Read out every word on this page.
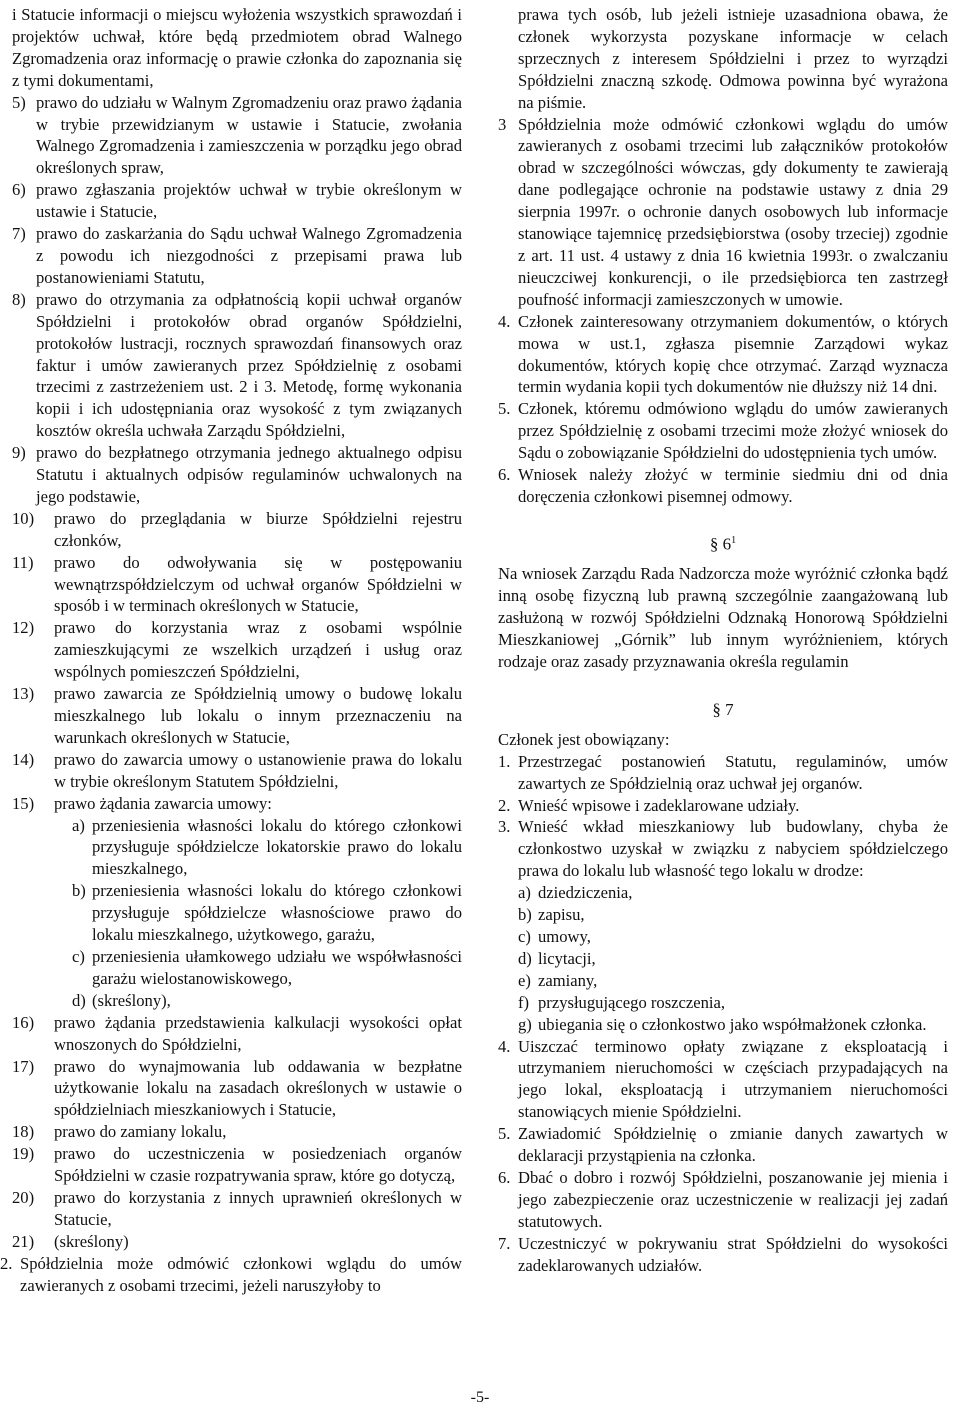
i Statucie informacji o miejscu wyłożenia wszystkich sprawozdań i projektów uchwał, które będą przedmiotem obrad Walnego Zgromadzenia oraz informację o prawie członka do zapoznania się z tymi dokumentami,

5) prawo do udziału w Walnym Zgromadzeniu oraz prawo żądania w trybie przewidzianym w ustawie i Statucie, zwołania Walnego Zgromadzenia i zamieszczenia w porządku jego obrad określonych spraw,
6) prawo zgłaszania projektów uchwał w trybie określonym w ustawie i Statucie,
7) prawo do zaskarżania do Sądu uchwał Walnego Zgromadzenia z powodu ich niezgodności z przepisami prawa lub postanowieniami Statutu,
8) prawo do otrzymania za odpłatnością kopii uchwał organów Spółdzielni i protokołów obrad organów Spółdzielni, protokołów lustracji, rocznych sprawozdań finansowych oraz faktur i umów zawieranych przez Spółdzielnię z osobami trzecimi z zastrzeżeniem ust. 2 i 3. Metodę, formę wykonania kopii i ich udostępniania oraz wysokość z tym związanych kosztów określa uchwała Zarządu Spółdzielni,
9) prawo do bezpłatnego otrzymania jednego aktualnego odpisu Statutu i aktualnych odpisów regulaminów uchwalonych na jego podstawie,
10)	prawo do przeglądania w biurze Spółdzielni rejestru członków,
11)	prawo do odwoływania się w postępowaniu wewnątrzspółdzielczym od uchwał organów Spółdzielni w sposób i w terminach określonych w Statucie,
12)	prawo do korzystania wraz z osobami wspólnie zamieszkującymi ze wszelkich urządzeń i usług oraz wspólnych pomieszczeń Spółdzielni,
13)	prawo zawarcia ze Spółdzielnią umowy o budowę lokalu mieszkalnego lub lokalu o innym przeznaczeniu na warunkach określonych w Statucie,
14)	prawo do zawarcia umowy o ustanowienie prawa do lokalu w trybie określonym Statutem Spółdzielni,
15)	prawo żądania zawarcia umowy:
a) przeniesienia własności lokalu do którego członkowi przysługuje spółdzielcze lokatorskie prawo do lokalu mieszkalnego,
b) przeniesienia własności lokalu do którego członkowi przysługuje spółdzielcze własnościowe prawo do lokalu mieszkalnego, użytkowego, garażu,
c) przeniesienia ułamkowego udziału we współwłasności garażu wielostanowiskowego,
d) (skreślony),
16)	prawo żądania przedstawienia kalkulacji wysokości opłat wnoszonych do Spółdzielni,
17)	prawo do wynajmowania lub oddawania w bezpłatne użytkowanie lokalu na zasadach określonych w ustawie o spółdzielniach mieszkaniowych i Statucie,
18)	prawo do zamiany lokalu,
19)	prawo do uczestniczenia w posiedzeniach organów Spółdzielni w czasie rozpatrywania spraw, które go dotyczą,
20)	prawo do korzystania z innych uprawnień określonych w Statucie,
21)	(skreślony)
2. Spółdzielnia może odmówić członkowi wglądu do umów zawieranych z osobami trzecimi, jeżeli naruszyłoby to

prawa tych osób, lub jeżeli istnieje uzasadniona obawa, że członek wykorzysta pozyskane informacje w celach sprzecznych z interesem Spółdzielni i przez to wyrządzi Spółdzielni znaczną szkodę. Odmowa powinna być wyrażona na piśmie.

3 Spółdzielnia może odmówić członkowi wglądu do umów zawieranych z osobami trzecimi lub załączników protokołów obrad w szczególności wówczas, gdy dokumenty te zawierają dane podlegające ochronie na podstawie ustawy z dnia 29 sierpnia 1997r. o ochronie danych osobowych lub informacje stanowiące tajemnicę przedsiębiorstwa (osoby trzeciej) zgodnie z art. 11 ust. 4 ustawy z dnia 16 kwietnia 1993r. o zwalczaniu nieuczciwej konkurencji, o ile przedsiębiorca ten zastrzegł poufność informacji zamieszczonych w umowie.
4. Członek zainteresowany otrzymaniem dokumentów, o których mowa w ust.1, zgłasza pisemnie Zarządowi wykaz dokumentów, których kopię chce otrzymać. Zarząd wyznacza termin wydania kopii tych dokumentów nie dłuższy niż 14 dni.
5. Członek, któremu odmówiono wglądu do umów zawieranych przez Spółdzielnię z osobami trzecimi może złożyć wniosek do Sądu o zobowiązanie Spółdzielni do udostępnienia tych umów.
6. Wniosek należy złożyć w terminie siedmiu dni od dnia doręczenia członkowi pisemnej odmowy.
§ $6^1$

Na wniosek Zarządu Rada Nadzorcza może wyróżnić członka bądź inną osobę fizyczną lub prawną szczególnie zaangażowaną lub zasłużoną w rozwój Spółdzielni Odznaką Honorową Spółdzielni Mieszkaniowej „Górnik” lub innym wyróżnieniem, których rodzaje oraz zasady przyznawania określa regulamin

§ 7

Członek jest obowiązany:

1. Przestrzegać postanowień Statutu, regulaminów, umów zawartych ze Spółdzielnią oraz uchwał jej organów.
2. Wnieść wpisowe i zadeklarowane udziały.
3. Wnieść wkład mieszkaniowy lub budowlany, chyba że członkostwo uzyskał w związku z nabyciem spółdzielczego prawa do lokalu lub własność tego lokalu w drodze:
a) dziedziczenia,
b) zapisu,
c) umowy,
d) licytacji,
e) zamiany,
f) przysługującego roszczenia,
g) ubiegania się o członkostwo jako współmałżonek członka.
4. Uiszczać terminowo opłaty związane z eksploatacją i utrzymaniem nieruchomości w częściach przypadających na jego lokal, eksploatacją i utrzymaniem nieruchomości stanowiących mienie Spółdzielni.
5. Zawiadomić Spółdzielnię o zmianie danych zawartych w deklaracji przystąpienia na członka.
6. Dbać o dobro i rozwój Spółdzielni, poszanowanie jej mienia i jego zabezpieczenie oraz uczestniczenie w realizacji jej zadań statutowych.
7. Uczestniczyć w pokrywaniu strat Spółdzielni do wysokości zadeklarowanych udziałów.
-5-
